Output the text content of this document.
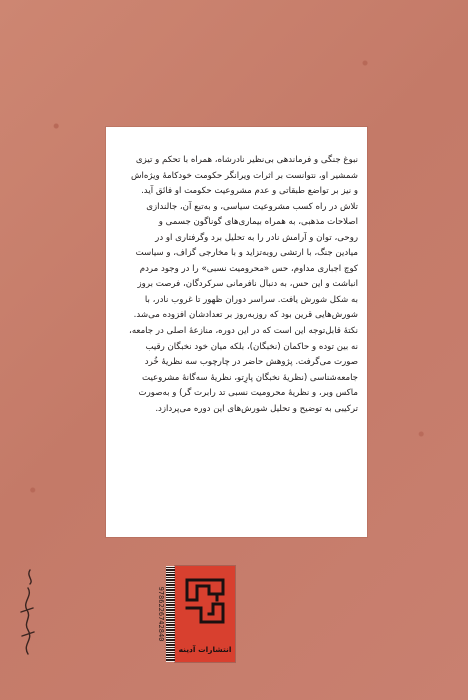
نبوغ جنگی و فرماندهی بی‌نظیر نادرشاه، همراه با تحکم و تیزی
شمشیر او، نتوانست بر اثرات ویرانگر حکومت خودکامهٔ ویژه‌اش
و نیز بر تواضع طبقاتی و عدم مشروعیت حکومت او فائق آید.
تلاش در راه کسب مشروعیت سیاسی، و به‌تبع آن، جالندازی
اصلاحات مذهبی، به همراه بیماری‌های گوناگون جسمی و
روحی، توان و آرامش نادر را به تحلیل برد وگرفتاری او در
میادین جنگ، با ارتشی روبه‌تزاید و با مخارجی گزاف، و سیاست
کوچ اجباری مداوم، حس «محرومیت نسبی» را در وجود مردم
انباشت و این حس، به دنبال نافرمانی سرکردگان، فرصت بروز
به شکل شورش یافت. سراسر دوران ظهور تا غروب نادر، با
شورش‌هایی قرین بود که روزبه‌روز بر تعدادشان افزوده می‌شد.
نکتهٔ قابل‌توجه این است که در این دوره، منازعهٔ اصلی در جامعه،
نه بین توده و حاکمان (نخبگان)، بلکه میان خود نخبگان رقیب
صورت می‌گرفت. پژوهش حاضر در چارچوب سه نظریهٔ خُرد
جامعه‌شناسی (نظریهٔ نخبگان پارِتو، نظریهٔ سه‌گانهٔ مشروعیت
ماکس وبر، و نظریهٔ محرومیت نسبی تد رابرت گر) و به‌صورت
ترکیبی به توضیح و تحلیل شورش‌های این دوره می‌پردازد.
9786226742840
انتشارات آدینه
